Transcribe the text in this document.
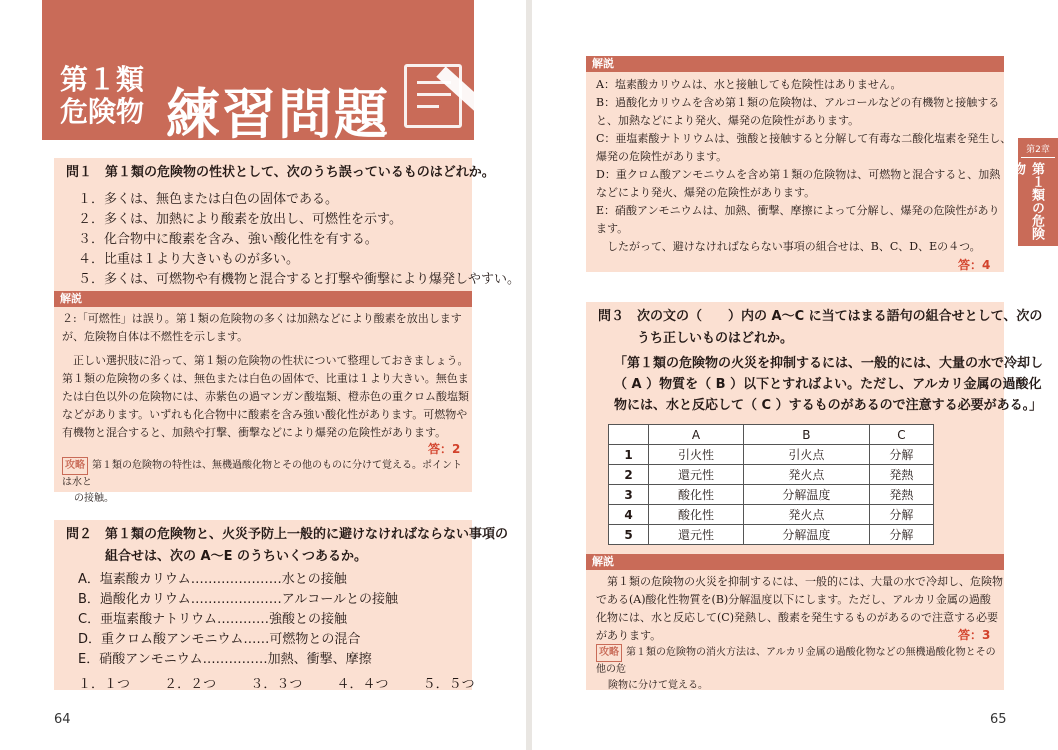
第１類
危険物 練習問題
問１　第１類の危険物の性状として、次のうち誤っているものはどれか。
１．多くは、無色または白色の固体である。
２．多くは、加熱により酸素を放出し、可燃性を示す。
３．化合物中に酸素を含み、強い酸化性を有する。
４．比重は１より大きいものが多い。
５．多くは、可燃物や有機物と混合すると打撃や衝撃により爆発しやすい。
解説
２:「可燃性」は誤り。第１類の危険物の多くは加熱などにより酸素を放出します
が、危険物自体は不燃性を示します。
　正しい選択肢に沿って、第１類の危険物の性状について整理しておきましょう。
第１類の危険物の多くは、無色または白色の固体で、比重は１より大きい。無色ま
たは白色以外の危険物には、赤紫色の過マンガン酸塩類、橙赤色の重クロム酸塩類
などがあります。いずれも化合物中に酸素を含み強い酸化性があります。可燃物や
有機物と混合すると、加熱や打撃、衝撃などにより爆発の危険性があります。
答：2
攻略 第１類の危険物の特性は、無機過酸化物とその他のものに分けて覚える。ポイントは水と
の接触。
問２　第１類の危険物と、火災予防上一般的に避けなければならない事項の
　　　組合せは、次の A～E のうちいくつあるか。
A．塩素酸カリウム…………………水との接触
B．過酸化カリウム…………………アルコールとの接触
C．亜塩素酸ナトリウム…………強酸との接触
D．重クロム酸アンモニウム……可燃物との混合
E．硝酸アンモニウム……………加熱、衝撃、摩擦
１．１つ	２．２つ	３．３つ	４．４つ	５．５つ
64
解説
A：塩素酸カリウムは、水と接触しても危険性はありません。
B：過酸化カリウムを含め第１類の危険物は、アルコールなどの有機物と接触する
と、加熱などにより発火、爆発の危険性があります。
C：亜塩素酸ナトリウムは、強酸と接触すると分解して有毒な二酸化塩素を発生し、
爆発の危険性があります。
D：重クロム酸アンモニウムを含め第１類の危険物は、可燃物と混合すると、加熱
などにより発火、爆発の危険性があります。
E：硝酸アンモニウムは、加熱、衝撃、摩擦によって分解し、爆発の危険性があり
ます。
　したがって、避けなければならない事項の組合せは、B、C、D、Eの４つ。
答：4
問３　次の文の（　　）内の A～C に当てはまる語句の組合せとして、次の
　　　うち正しいものはどれか。
「第１類の危険物の火災を抑制するには、一般的には、大量の水で冷却し
（ A ）物質を（ B ）以下とすればよい。ただし、アルカリ金属の過酸化
物には、水と反応して（ C ）するものがあるので注意する必要がある。」
	A	B	C
1	引火性	引火点	分解
2	還元性	発火点	発熱
3	酸化性	分解温度	発熱
4	酸化性	発火点	分解
5	還元性	分解温度	分解
解説
　第１類の危険物の火災を抑制するには、一般的には、大量の水で冷却し、危険物
である(A)酸化性物質を(B)分解温度以下にします。ただし、アルカリ金属の過酸
化物には、水と反応して(C)発熱し、酸素を発生するものがあるので注意する必要
があります。	答：3
攻略 第１類の危険物の消火方法は、アルカリ金属の過酸化物などの無機過酸化物とその他の危
険物に分けて覚える。
65
第2章
第１類の危険物
